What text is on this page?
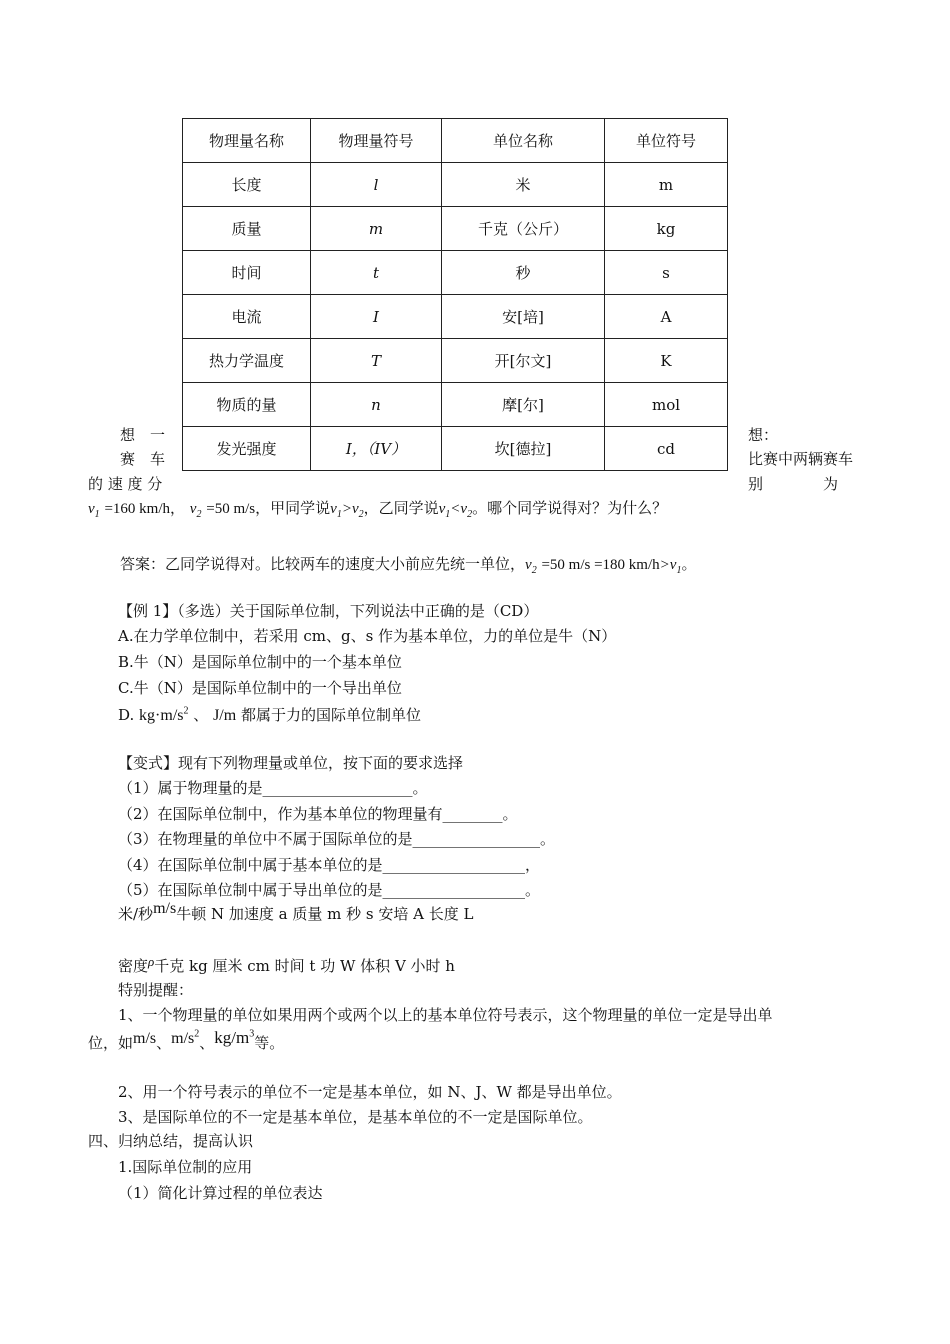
物理量名称	物理量符号	单位名称	单位符号
长度	l	米	m
质量	m	千克（公斤）	kg
时间	t	秒	s
电流	I	安[培]	A
热力学温度	T	开[尔文]	K
物质的量	n	摩[尔]	mol
发光强度	I，（IV）	坎[德拉]	cd
想　一	想：
赛　车	比赛中两辆赛车
的 速 度 分	别　　　　为
$v_1 =160$ km/h， $v_2 =50$ m/s，甲同学说$v_1>v_2$，乙同学说$v_1<v_2$。哪个同学说得对？为什么？
答案：乙同学说得对。比较两车的速度大小前应先统一单位，$v_2 =50$ m/s =180 $km/h>v_1$。
【例 1】（多选）关于国际单位制，下列说法中正确的是（CD）
A.在力学单位制中，若采用 cm、g、s 作为基本单位，力的单位是牛（N）
B.牛（N）是国际单位制中的一个基本单位
C.牛（N）是国际单位制中的一个导出单位
D. $kg\cdot m/s^2$ 、 J/m 都属于力的国际单位制单位
【变式】现有下列物理量或单位，按下面的要求选择
（1）属于物理量的是____________________。
（2）在国际单位制中，作为基本单位的物理量有________。
（3）在物理量的单位中不属于国际单位的是_________________。
（4）在国际单位制中属于基本单位的是___________________，
（5）在国际单位制中属于导出单位的是___________________。
米/秒m/s牛顿 N 加速度 a 质量 m 秒 s 安培 A 长度 L
密度ρ千克 kg 厘米 cm 时间 t 功 W 体积 V 小时 h
特别提醒：
1、一个物理量的单位如果用两个或两个以上的基本单位符号表示，这个物理量的单位一定是导出单
位，如m/s、$m/s^2$、$kg/m^3$等。
2、用一个符号表示的单位不一定是基本单位，如 N、J、W 都是导出单位。
3、是国际单位的不一定是基本单位，是基本单位的不一定是国际单位。
四、归纳总结，提高认识
1.国际单位制的应用
（1）简化计算过程的单位表达
